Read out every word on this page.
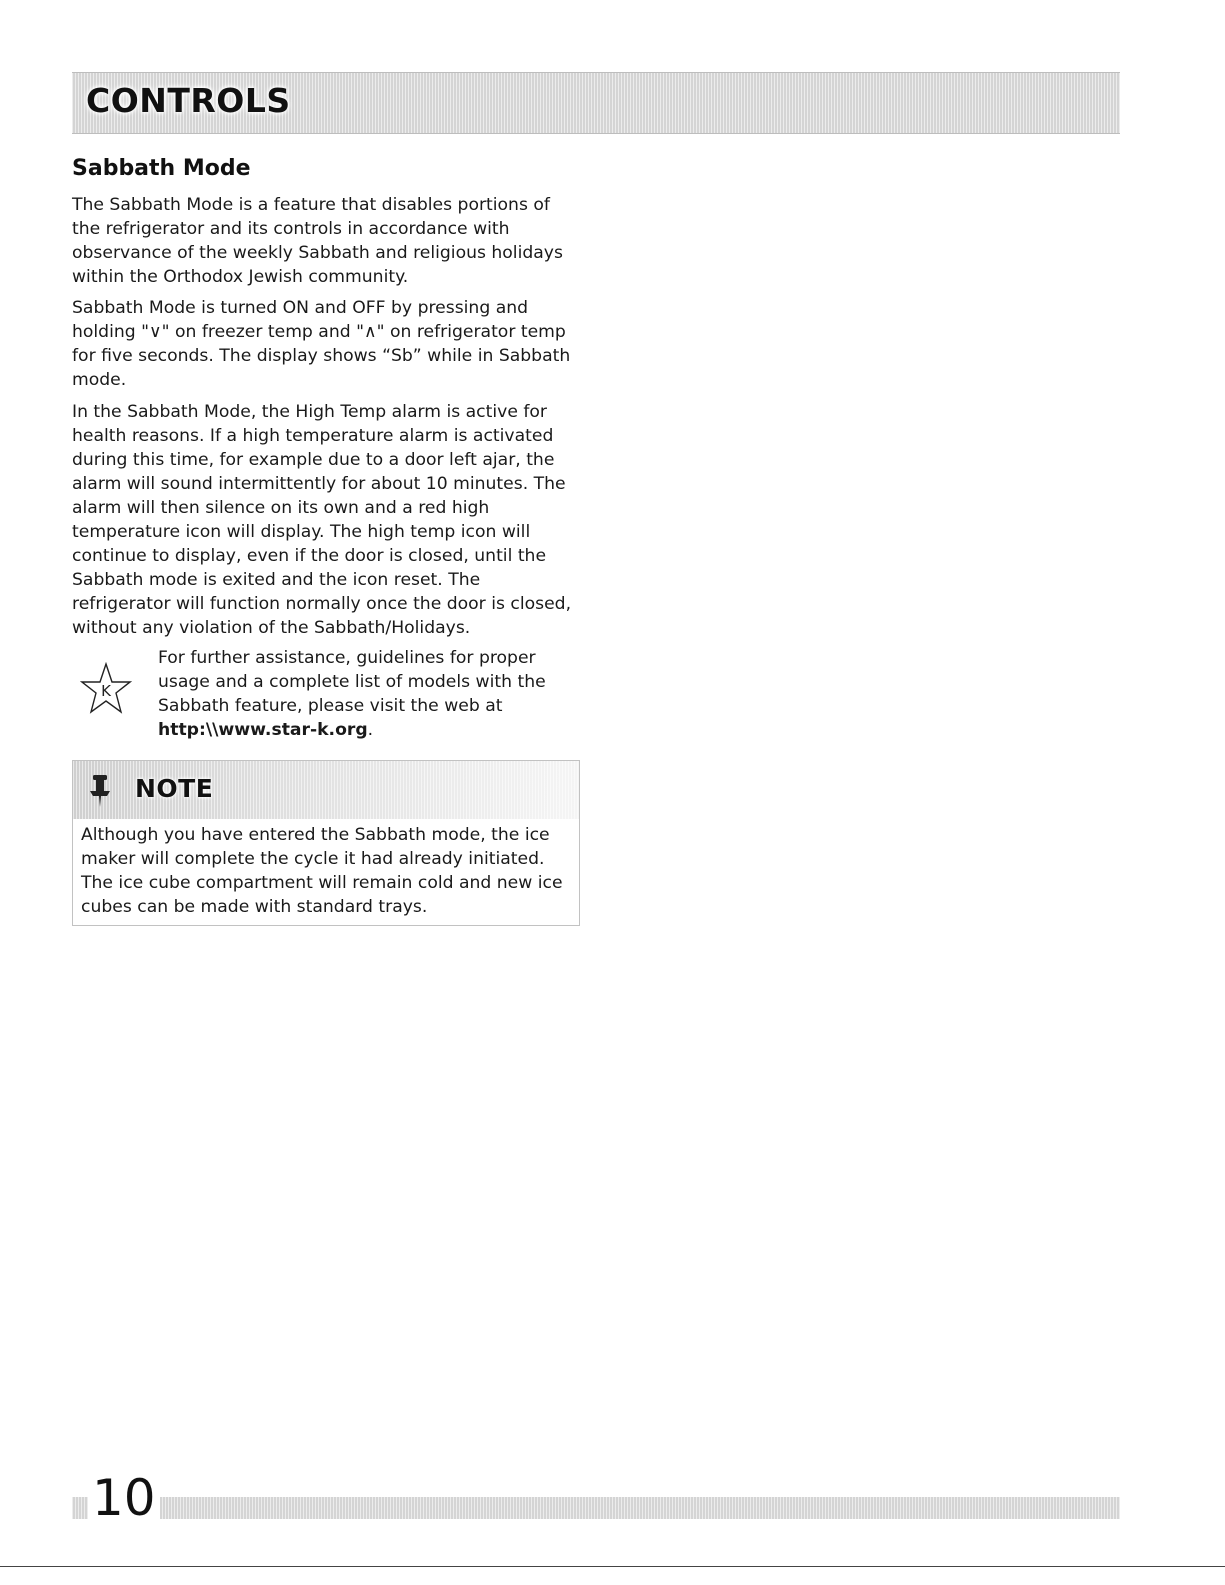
CONTROLS
Sabbath Mode

The Sabbath Mode is a feature that disables portions of the refrigerator and its controls in accordance with observance of the weekly Sabbath and religious holidays within the Orthodox Jewish community.

Sabbath Mode is turned ON and OFF by pressing and holding "∨" on freezer temp and "∧" on refrigerator temp for five seconds. The display shows “Sb” while in Sabbath mode.

In the Sabbath Mode, the High Temp alarm is active for health reasons. If a high temperature alarm is activated during this time, for example due to a door left ajar, the alarm will sound intermittently for about 10 minutes. The alarm will then silence on its own and a red high temperature icon will display. The high temp icon will continue to display, even if the door is closed, until the Sabbath mode is exited and the icon reset. The refrigerator will function normally once the door is closed, without any violation of the Sabbath/Holidays.

K

For further assistance, guidelines for proper usage and a complete list of models with the Sabbath feature, please visit the web at
http:\\www.star-k.org.

NOTE

Although you have entered the Sabbath mode, the ice maker will complete the cycle it had already initiated. The ice cube compartment will remain cold and new ice cubes can be made with standard trays.

10
